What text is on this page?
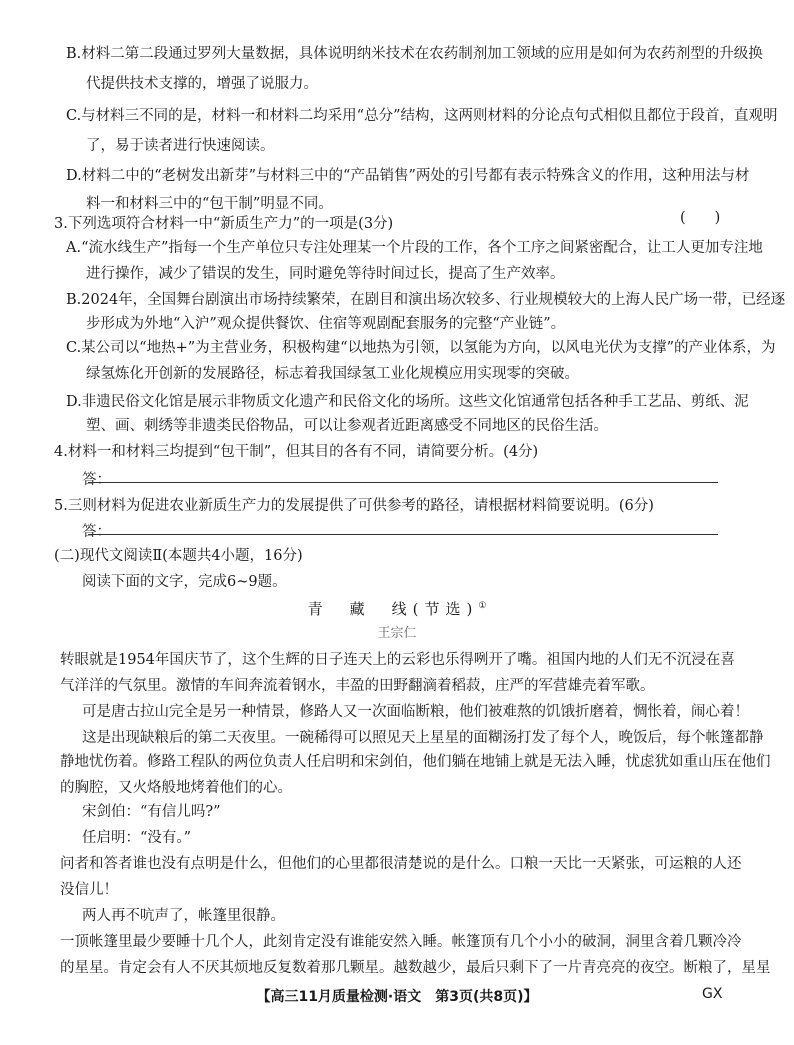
B.材料二第二段通过罗列大量数据，具体说明纳米技术在农药制剂加工领域的应用是如何为农药剂型的升级换
代提供技术支撑的，增强了说服力。
C.与材料三不同的是，材料一和材料二均采用“总分”结构，这两则材料的分论点句式相似且都位于段首，直观明
了，易于读者进行快速阅读。
D.材料二中的“老树发出新芽”与材料三中的“产品销售”两处的引号都有表示特殊含义的作用，这种用法与材
料一和材料三中的“包干制”明显不同。
3.下列选项符合材料一中“新质生产力”的一项是(3分)	(　　)
A.“流水线生产”指每一个生产单位只专注处理某一个片段的工作，各个工序之间紧密配合，让工人更加专注地
进行操作，减少了错误的发生，同时避免等待时间过长，提高了生产效率。
B.2024年，全国舞台剧演出市场持续繁荣，在剧目和演出场次较多、行业规模较大的上海人民广场一带，已经逐
步形成为外地“入沪”观众提供餐饮、住宿等观剧配套服务的完整“产业链”。
C.某公司以“地热+”为主营业务，积极构建“以地热为引领，以氢能为方向，以风电光伏为支撑”的产业体系，为
绿氢炼化开创新的发展路径，标志着我国绿氢工业化规模应用实现零的突破。
D.非遗民俗文化馆是展示非物质文化遗产和民俗文化的场所。这些文化馆通常包括各种手工艺品、剪纸、泥
塑、画、刺绣等非遗类民俗物品，可以让参观者近距离感受不同地区的民俗生活。
4.材料一和材料三均提到“包干制”，但其目的各有不同，请简要分析。(4分)
答：
5.三则材料为促进农业新质生产力的发展提供了可供参考的路径，请根据材料简要说明。(6分)
答：
(二)现代文阅读Ⅱ(本题共4小题，16分)
阅读下面的文字，完成6~9题。
青　藏　线(节选)①
王宗仁
转眼就是1954年国庆节了，这个生辉的日子连天上的云彩也乐得咧开了嘴。祖国内地的人们无不沉浸在喜
气洋洋的气氛里。激情的车间奔流着钢水，丰盈的田野翻滴着稻菽，庄严的军营雄壳着军歌。
可是唐古拉山完全是另一种情景，修路人又一次面临断粮，他们被难熬的饥饿折磨着，惆怅着，闹心着！
这是出现缺粮后的第二天夜里。一碗稀得可以照见天上星星的面糊汤打发了每个人，晚饭后，每个帐篷都静
静地忧伤着。修路工程队的两位负责人任启明和宋剑伯，他们躺在地铺上就是无法入睡，忧虑犹如重山压在他们
的胸腔，又火烙般地烤着他们的心。
宋剑伯：“有信儿吗?”
任启明：“没有。”
问者和答者谁也没有点明是什么，但他们的心里都很清楚说的是什么。口粮一天比一天紧张，可运粮的人还
没信儿！
两人再不吭声了，帐篷里很静。
一顶帐篷里最少要睡十几个人，此刻肯定没有谁能安然入睡。帐篷顶有几个小小的破洞，洞里含着几颗冷冷
的星星。肯定会有人不厌其烦地反复数着那几颗星。越数越少，最后只剩下了一片青亮亮的夜空。断粮了，星星
【高三11月质量检测·语文　第3页(共8页)】	GX
